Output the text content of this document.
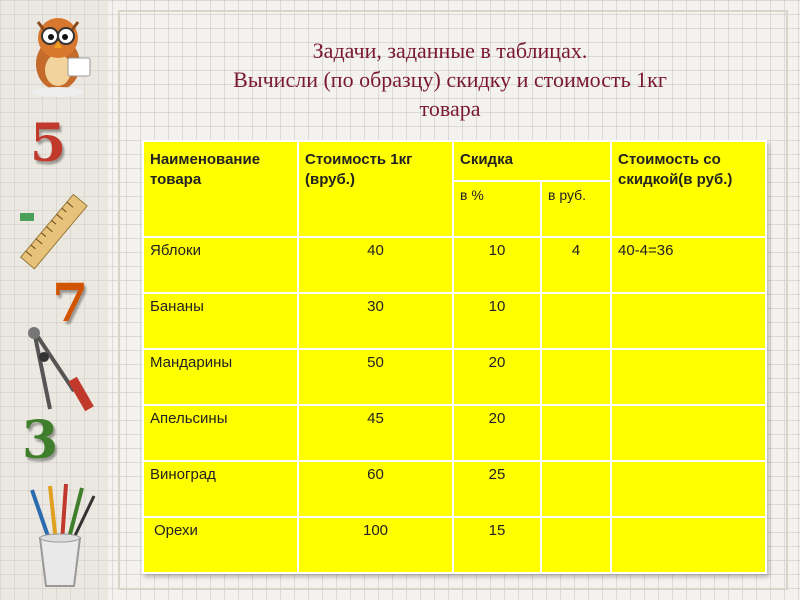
5
7
3
Задачи, заданные в таблицах.
Вычисли (по образцу) скидку и стоимость 1кг
товара
Наименование товара	Стоимость 1кг (вруб.)	Скидка		Стоимость со скидкой(в руб.)
		в %	в руб.	
Яблоки	40	10	4	40-4=36
Бананы	30	10		
Мандарины	50	20		
Апельсины	45	20		
Виноград	60	25		
Орехи	100	15		
